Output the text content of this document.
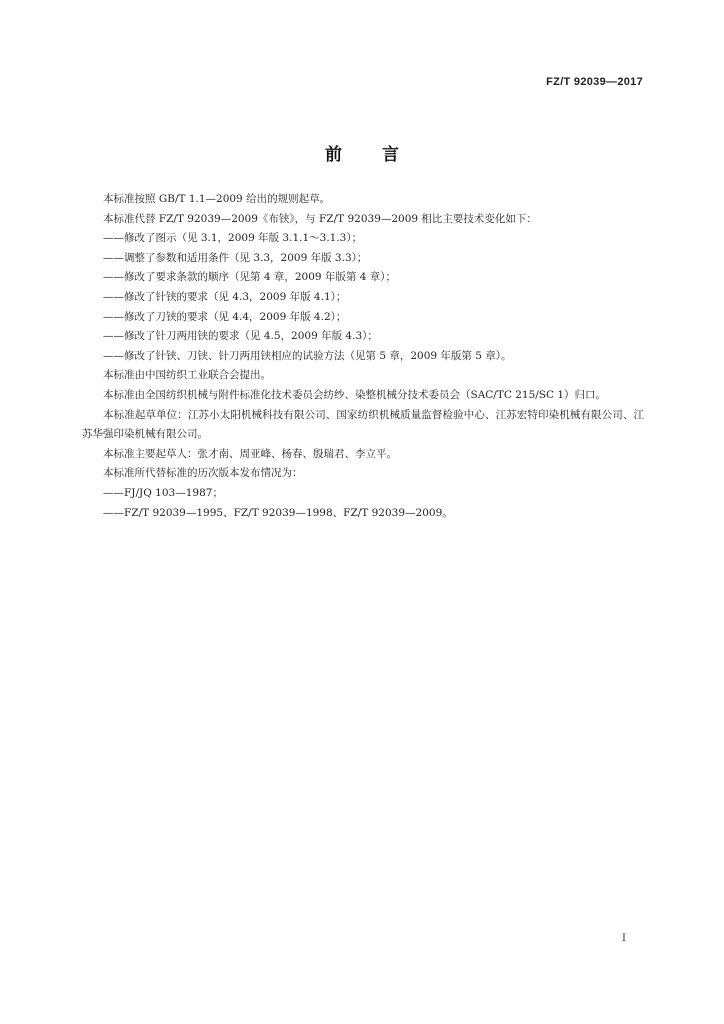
FZ/T 92039—2017
前言

本标准按照 GB/T 1.1—2009 给出的规则起草。

本标准代替 FZ/T 92039—2009《布铗》，与 FZ/T 92039—2009 相比主要技术变化如下：

——修改了图示（见 3.1，2009 年版 3.1.1～3.1.3）；

——调整了参数和适用条件（见 3.3，2009 年版 3.3）；

——修改了要求条款的顺序（见第 4 章，2009 年版第 4 章）；

——修改了针铗的要求（见 4.3，2009 年版 4.1）；

——修改了刀铗的要求（见 4.4，2009 年版 4.2）；

——修改了针刀两用铗的要求（见 4.5，2009 年版 4.3）；

——修改了针铗、刀铗、针刀两用铗相应的试验方法（见第 5 章，2009 年版第 5 章）。

本标准由中国纺织工业联合会提出。

本标准由全国纺织机械与附件标准化技术委员会纺纱、染整机械分技术委员会（SAC/TC 215/SC 1）归口。

本标准起草单位：江苏小太阳机械科技有限公司、国家纺织机械质量监督检验中心、江苏宏特印染机械有限公司、江苏华强印染机械有限公司。

本标准主要起草人：张才南、周亚峰、杨春、殷瑞君、李立平。

本标准所代替标准的历次版本发布情况为：

——FJ/JQ 103—1987；

——FZ/T 92039—1995、FZ/T 92039—1998、FZ/T 92039—2009。

I
